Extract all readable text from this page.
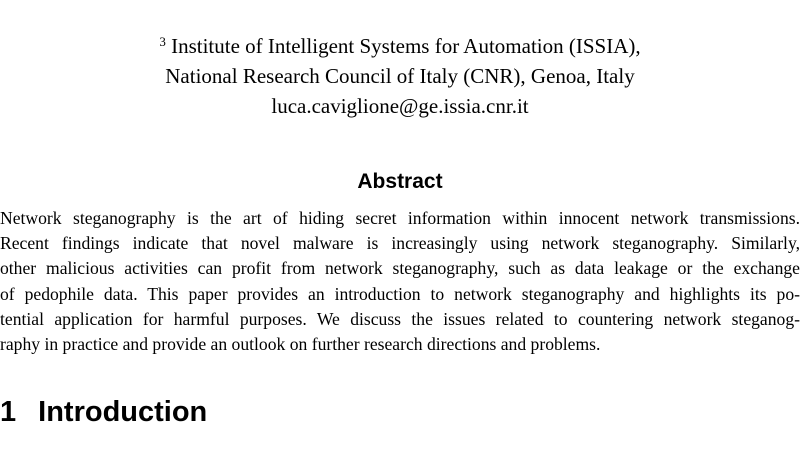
$^3$ Institute of Intelligent Systems for Automation (ISSIA),
National Research Council of Italy (CNR), Genoa, Italy
luca.caviglione@ge.issia.cnr.it
Abstract
Network steganography is the art of hiding secret information within innocent network transmissions.
Recent findings indicate that novel malware is increasingly using network steganography. Similarly,
other malicious activities can profit from network steganography, such as data leakage or the exchange
of pedophile data. This paper provides an introduction to network steganography and highlights its po-
tential application for harmful purposes. We discuss the issues related to countering network steganog-
raphy in practice and provide an outlook on further research directions and problems.
1 Introduction
